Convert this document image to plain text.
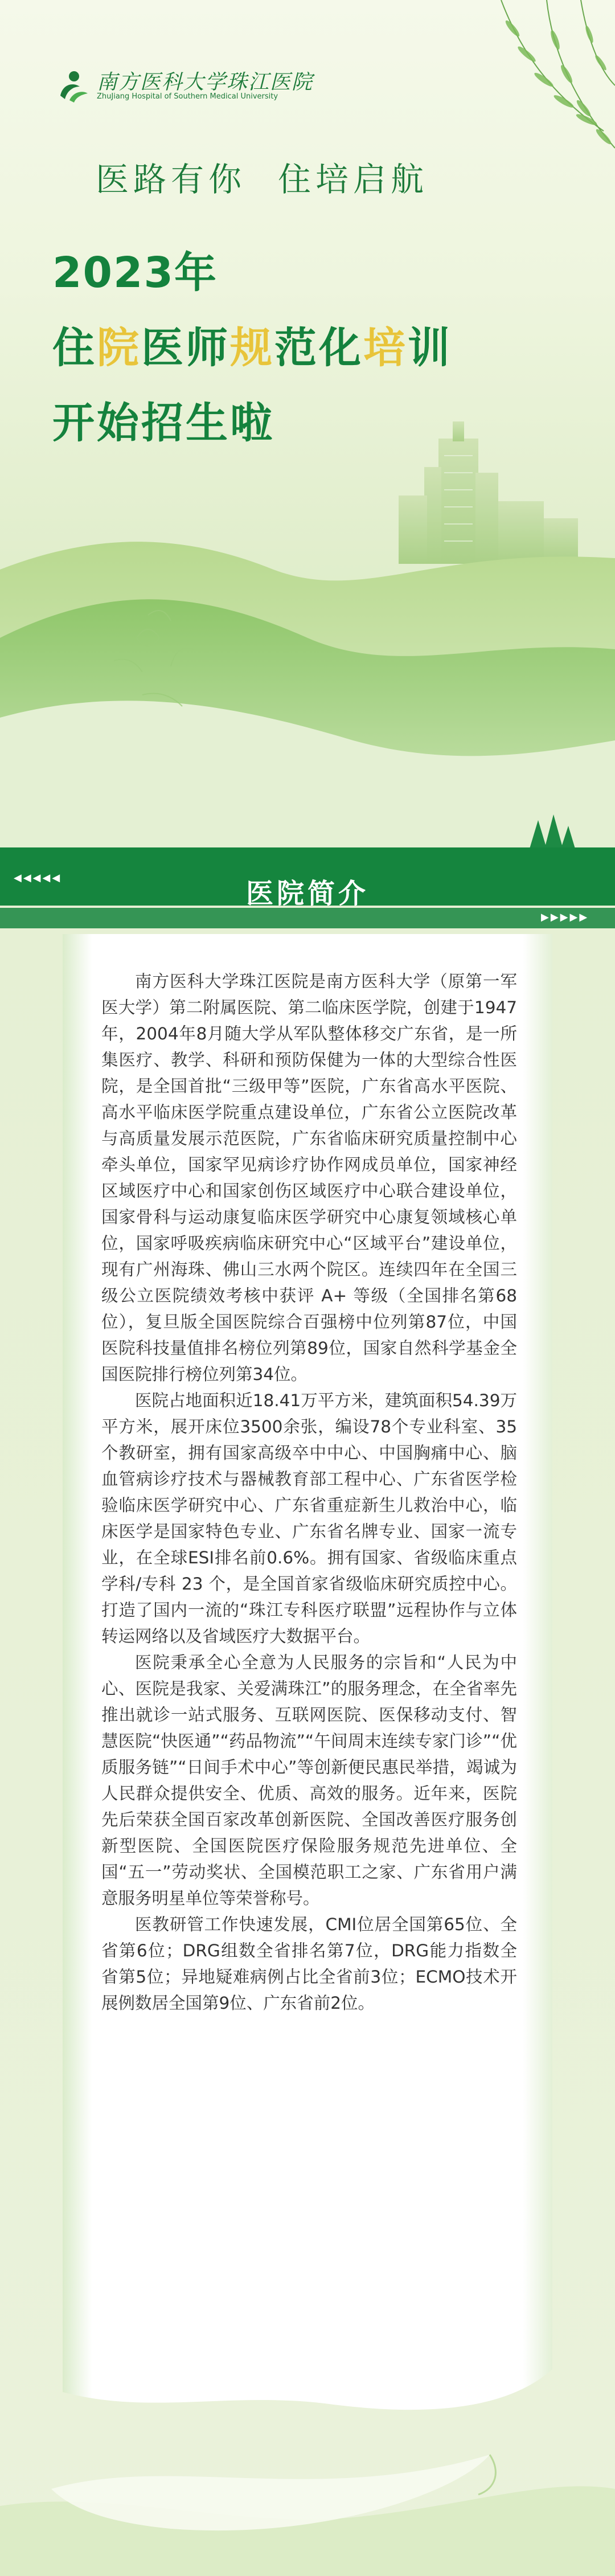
南方医科大学珠江医院
ZhuJiang Hospital of Southern Medical University
医路有你 住培启航
2023年
住院医师规范化培训
开始招生啦
◀◀◀◀◀
▶▶▶▶▶
医院简介

南方医科大学珠江医院是南方医科大学（原第一军医大学）第二附属医院、第二临床医学院，创建于1947年，2004年8月随大学从军队整体移交广东省，是一所集医疗、教学、科研和预防保健为一体的大型综合性医院，是全国首批“三级甲等”医院，广东省高水平医院、高水平临床医学院重点建设单位，广东省公立医院改革与高质量发展示范医院，广东省临床研究质量控制中心牵头单位，国家罕见病诊疗协作网成员单位，国家神经区域医疗中心和国家创伤区域医疗中心联合建设单位，国家骨科与运动康复临床医学研究中心康复领域核心单位，国家呼吸疾病临床研究中心“区域平台”建设单位，现有广州海珠、佛山三水两个院区。连续四年在全国三级公立医院绩效考核中获评 A+ 等级（全国排名第68位），复旦版全国医院综合百强榜中位列第87位，中国医院科技量值排名榜位列第89位，国家自然科学基金全国医院排行榜位列第34位。

医院占地面积近18.41万平方米，建筑面积54.39万平方米，展开床位3500余张，编设78个专业科室、35个教研室，拥有国家高级卒中中心、中国胸痛中心、脑血管病诊疗技术与器械教育部工程中心、广东省医学检验临床医学研究中心、广东省重症新生儿救治中心，临床医学是国家特色专业、广东省名牌专业、国家一流专业，在全球ESI排名前0.6%。拥有国家、省级临床重点学科/专科 23 个，是全国首家省级临床研究质控中心。打造了国内一流的“珠江专科医疗联盟”远程协作与立体转运网络以及省域医疗大数据平台。

医院秉承全心全意为人民服务的宗旨和“人民为中心、医院是我家、关爱满珠江”的服务理念，在全省率先推出就诊一站式服务、互联网医院、医保移动支付、智慧医院“快医通”“药品物流”“午间周末连续专家门诊”“优质服务链”“日间手术中心”等创新便民惠民举措，竭诚为人民群众提供安全、优质、高效的服务。近年来，医院先后荣获全国百家改革创新医院、全国改善医疗服务创新型医院、全国医院医疗保险服务规范先进单位、全国“五一”劳动奖状、全国模范职工之家、广东省用户满意服务明星单位等荣誉称号。

医教研管工作快速发展，CMI位居全国第65位、全省第6位；DRG组数全省排名第7位，DRG能力指数全省第5位；异地疑难病例占比全省前3位；ECMO技术开展例数居全国第9位、广东省前2位。
